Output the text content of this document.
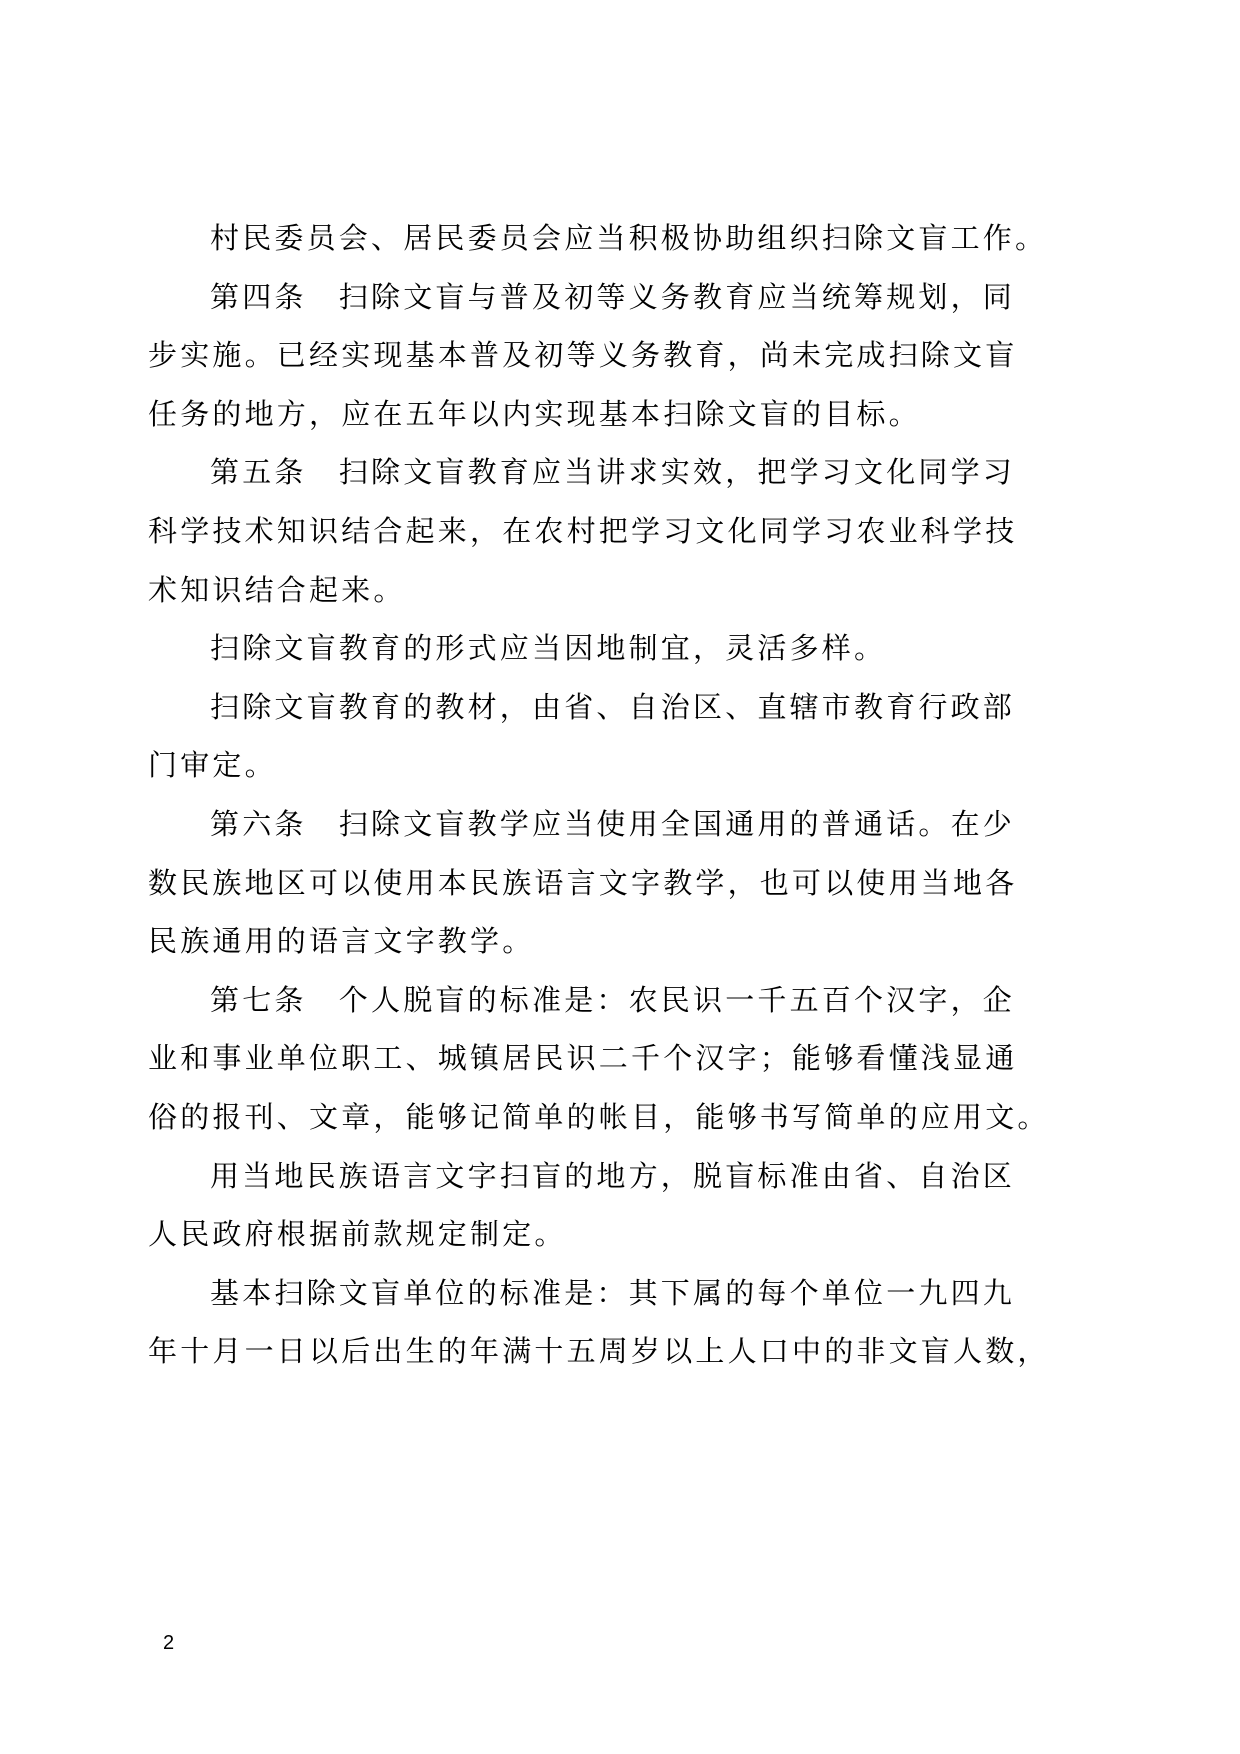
村民委员会、居民委员会应当积极协助组织扫除文盲工作。
第四条　扫除文盲与普及初等义务教育应当统筹规划，同
步实施。已经实现基本普及初等义务教育，尚未完成扫除文盲
任务的地方，应在五年以内实现基本扫除文盲的目标。
第五条　扫除文盲教育应当讲求实效，把学习文化同学习
科学技术知识结合起来，在农村把学习文化同学习农业科学技
术知识结合起来。
扫除文盲教育的形式应当因地制宜，灵活多样。
扫除文盲教育的教材，由省、自治区、直辖市教育行政部
门审定。
第六条　扫除文盲教学应当使用全国通用的普通话。在少
数民族地区可以使用本民族语言文字教学，也可以使用当地各
民族通用的语言文字教学。
第七条　个人脱盲的标准是：农民识一千五百个汉字，企
业和事业单位职工、城镇居民识二千个汉字；能够看懂浅显通
俗的报刊、文章，能够记简单的帐目，能够书写简单的应用文。
用当地民族语言文字扫盲的地方，脱盲标准由省、自治区
人民政府根据前款规定制定。
基本扫除文盲单位的标准是：其下属的每个单位一九四九
年十月一日以后出生的年满十五周岁以上人口中的非文盲人数，
2
